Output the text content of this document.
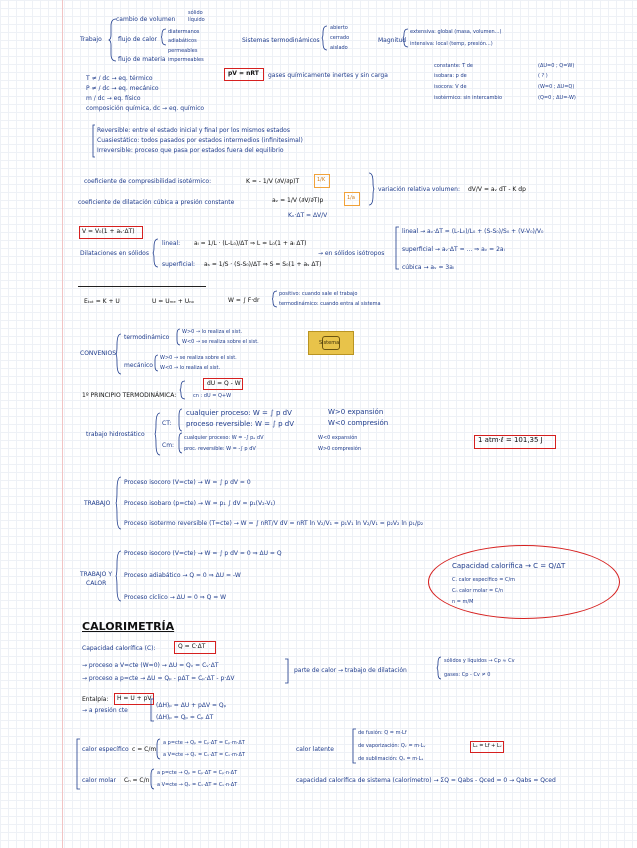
cambio de volumen
sólido
líquido
Trabajo	flujo de calor
diatermanos
adiabáticos
permeables
impermeables
flujo de materia
Sistemas termodinámicos
abierto
cerrado
aislado
Magnitud
extensiva: global (masa, volumen...)
intensiva: local (temp, presión...)
T ≠ / dc → eq. térmico
P ≠ / dc → eq. mecánico
m / dc → eq. físico
composición química, dc → eq. químico
pV = nRT gases químicamente inertes y sin carga
constante: T de
isobara: p de
isocora: V de
isotérmico: sin intercambio
(ΔU=0 ; Q=W)
( ? )
(W=0 ; ΔU=Q)
(Q=0 ; ΔU=-W)
Reversible: entre el estado inicial y final por los mismos estados
Cuasiestático: todos pasados por estados intermedios (infinitesimal)
Irreversible: proceso que pasa por estados fuera del equilibrio
coeficiente de compresibilidad isotérmico:	K = - 1/V (∂V/∂p)T	1/K
coeficiente de dilatación cúbica a presión constante	aᵥ = 1/V (∂V/∂T)p	1/a
Kᵥ·ΔT = ΔV/V
variación relativa volumen: dV/V = aᵥ dT - K dp
V = V₀(1 + aᵥ·ΔT)
Dilataciones en sólidos
lineal: aₗ = 1/L · (L-L₀)/ΔT ⇒ L = L₀(1 + aₗ ΔT)
superficial: aₛ = 1/S · (S-S₀)/ΔT ⇒ S = S₀(1 + aₛ ΔT)
→ en sólidos isótropos
lineal → aᵥ·ΔT = (L-L₀)/L₀ + (S-S₀)/S₀ + (V-V₀)/V₀
superficial → aᵥ·ΔT = ... ⇒ aᵥ = 2aₗ
cúbica → aᵥ = 3aₗ
Eₜₒₜ = K + U	U = Uₘₑ + Uₙₒ	W = ∫ F·dr
positivo: cuando sale el trabajo
termodinámico: cuando entra al sistema
CONVENIOS
termodinámico
W>0 → lo realiza el sist.
W<0 → se realiza sobre el sist.
mecánico
W>0 → se realiza sobre el sist.
W<0 → lo realiza el sist.
Sistema
1º PRINCIPIO TERMODINÁMICA:
dU = Q - W
cn : dU = Q+W
trabajo hidrostático
CT:
cualquier proceso: W = ∫ p dV
proceso reversible: W = ∫ p dV
W>0 expansión
W<0 compresión
Cm:
cualquier proceso: W = -∫ pₑ dV
proc. reversible: W = -∫ p dV
W<0 expansión
W>0 compresión
1 atm·ℓ = 101,35 J
TRABAJO
Proceso isocoro (V=cte) → W = ∫ p dV = 0
Proceso isobaro (p=cte) → W = p₁ ∫ dV = p₁(V₂-V₁)
Proceso isotermo reversible (T=cte) → W = ∫ nRT/V dV = nRT ln V₂/V₁ = p₁V₁ ln V₂/V₁ = p₂V₂ ln p₁/p₂
TRABAJO Y
CALOR
Proceso isocoro (V=cte) → W = ∫ p dV = 0 ⇒ ΔU = Q
Proceso adiabático → Q = 0 ⇒ ΔU = -W
Proceso cíclico → ΔU = 0 ⇒ Q = W
Capacidad calorífica → C = Q/ΔT
C. calor específico = C/m
Cₙ calor molar = C/n
n = m/M
CALORIMETRÍA
Capacidad calorífica (C):	Q = C·ΔT
→ proceso a V=cte (W=0) → ΔU = Qᵥ = Cᵥ·ΔT
→ proceso a p=cte → ΔU = Qₚ - pΔT = Cₚ·ΔT - p·ΔV
parte de calor → trabajo de dilatación
sólidos y líquidos → Cp ≈ Cv
gases: Cp - Cv ≠ 0
Entalpía: H = U + pV
→ a presión cte
(ΔH)ₚ = ΔU + pΔV = Qₚ
(ΔH)ₚ = Qₚ = Cₚ ΔT
calor específico c = C/m
a p=cte → Qₚ = Cₚ·ΔT = Cₚ·m·ΔT
a V=cte → Qᵥ = Cᵥ·ΔT = Cᵥ·m·ΔT
calor molar Cₙ = C/n
a p=cte → Qₚ = Cₚ·ΔT = Cₚ·n·ΔT
a V=cte → Qᵥ = Cᵥ·ΔT = Cᵥ·n·ΔT
calor latente
de fusión: Q = m·Lf
de vaporización: Qᵥ = m·Lᵥ
de sublimación: Qₛ = m·Lₛ
Lₛ = Lf + Lᵥ
capacidad calorífica de sistema (calorímetro) → ΣQ = Qabs - Qced = 0 → Qabs = Qced
